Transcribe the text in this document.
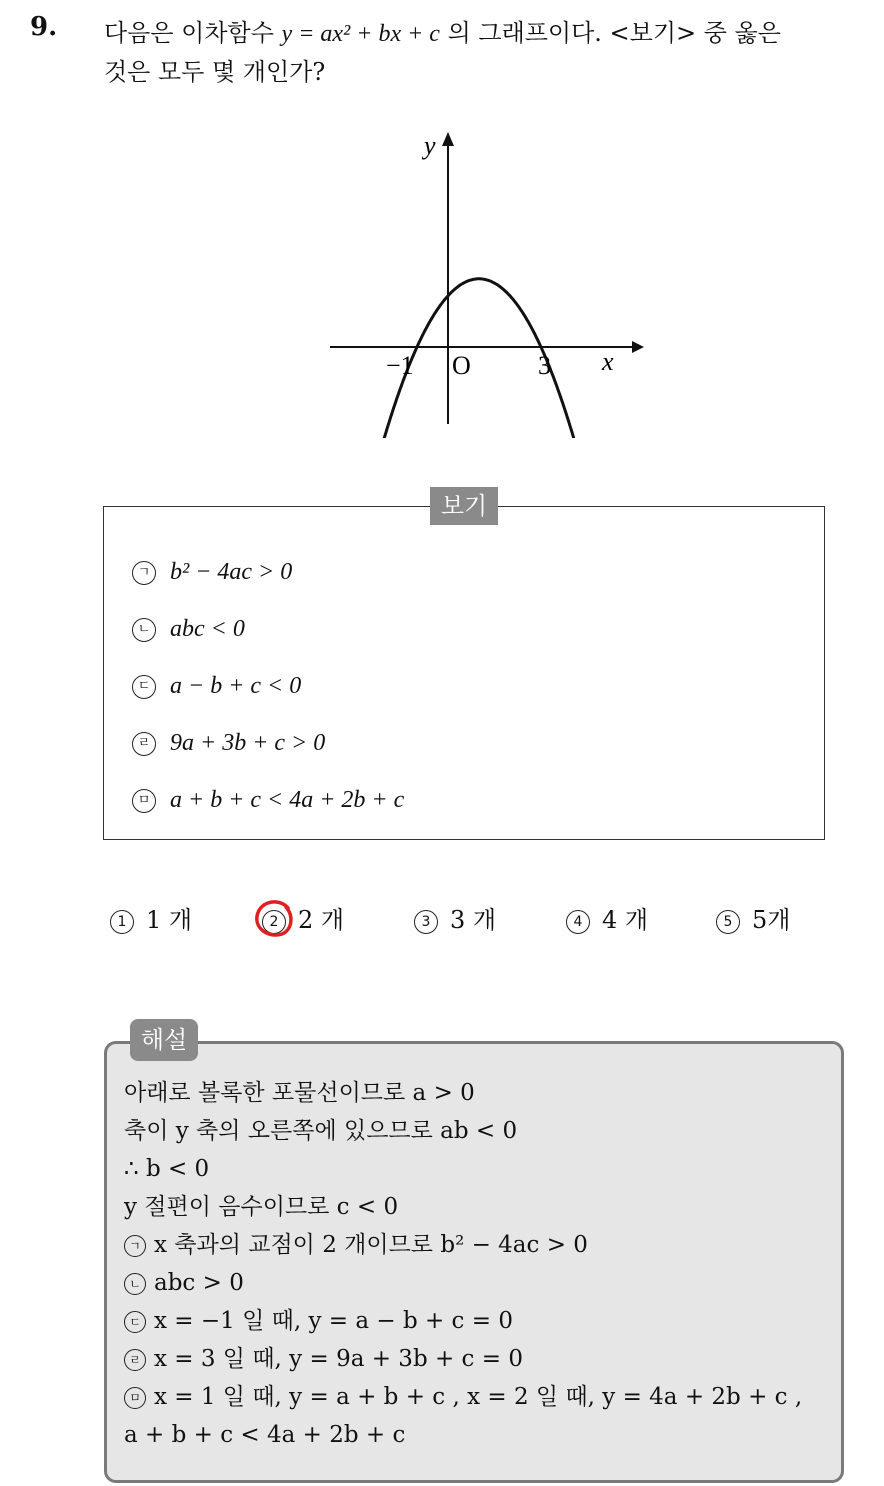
9. 다음은 이차함수 y = ax² + bx + c 의 그래프이다. <보기> 중 옳은
것은 모두 몇 개인가?
y
x
O
−1	3
보기
ㄱ b² − 4ac > 0
ㄴ abc < 0
ㄷ a − b + c < 0
ㄹ 9a + 3b + c > 0
ㅁ a + b + c < 4a + 2b + c
1 1 개	2 2 개	3 3 개	4 4 개	5 5개
해설
아래로 볼록한 포물선이므로 a > 0
축이 y 축의 오른쪽에 있으므로 ab < 0
∴ b < 0
y 절편이 음수이므로 c < 0
ㄱ x 축과의 교점이 2 개이므로 b² − 4ac > 0
ㄴ abc > 0
ㄷ x = −1 일 때, y = a − b + c = 0
ㄹ x = 3 일 때, y = 9a + 3b + c = 0
ㅁ x = 1 일 때, y = a + b + c , x = 2 일 때, y = 4a + 2b + c ,
a + b + c < 4a + 2b + c
